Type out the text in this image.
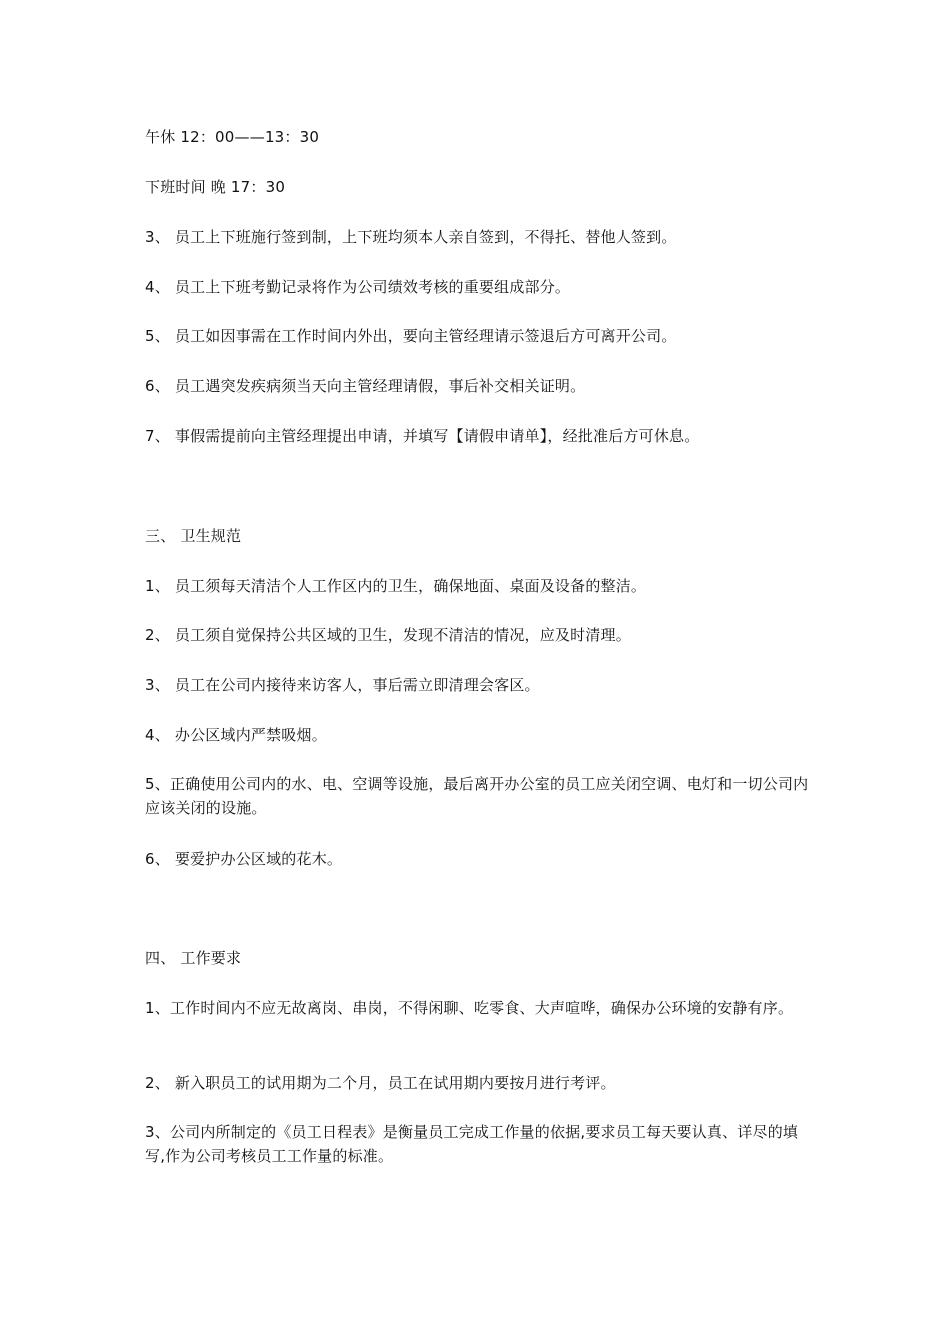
午休 12：00——13：30
下班时间 晚 17：30
3、 员工上下班施行签到制，上下班均须本人亲自签到，不得托、替他人签到。
4、 员工上下班考勤记录将作为公司绩效考核的重要组成部分。
5、 员工如因事需在工作时间内外出，要向主管经理请示签退后方可离开公司。
6、 员工遇突发疾病须当天向主管经理请假，事后补交相关证明。
7、 事假需提前向主管经理提出申请，并填写【请假申请单】，经批准后方可休息。
三、 卫生规范
1、 员工须每天清洁个人工作区内的卫生，确保地面、桌面及设备的整洁。
2、 员工须自觉保持公共区域的卫生，发现不清洁的情况，应及时清理。
3、 员工在公司内接待来访客人，事后需立即清理会客区。
4、 办公区域内严禁吸烟。
5、正确使用公司内的水、电、空调等设施，最后离开办公室的员工应关闭空调、电灯和一切公司内应该关闭的设施。
6、 要爱护办公区域的花木。
四、 工作要求
1、工作时间内不应无故离岗、串岗，不得闲聊、吃零食、大声喧哗，确保办公环境的安静有序。
2、 新入职员工的试用期为二个月，员工在试用期内要按月进行考评。
3、公司内所制定的《员工日程表》是衡量员工完成工作量的依据,要求员工每天要认真、详尽的填写,作为公司考核员工工作量的标准。
